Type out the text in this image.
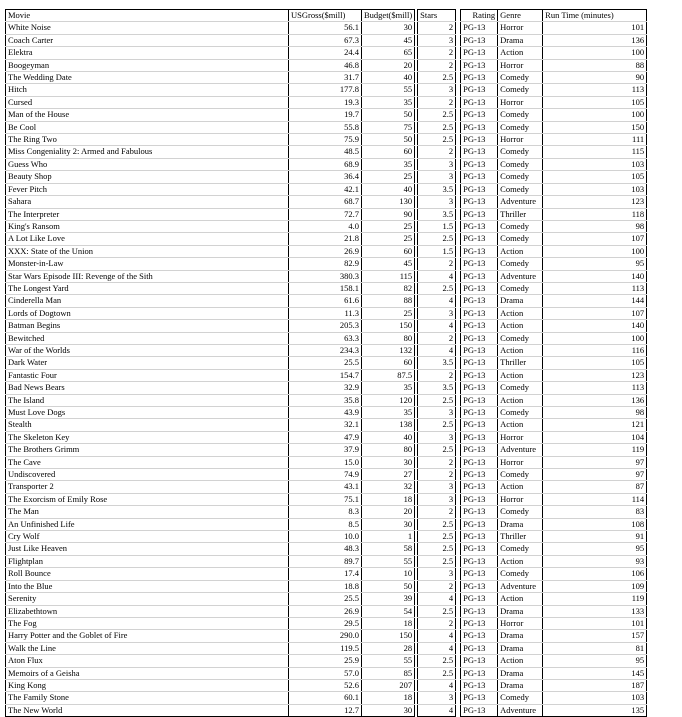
Movie	USGross($mill)	Budget($mill)		Stars		Rating	Genre	Run Time (minutes)
White Noise	56.1	30		2		PG-13	Horror	101
Coach Carter	67.3	45		3		PG-13	Drama	136
Elektra	24.4	65		2		PG-13	Action	100
Boogeyman	46.8	20		2		PG-13	Horror	88
The Wedding Date	31.7	40		2.5		PG-13	Comedy	90
Hitch	177.8	55		3		PG-13	Comedy	113
Cursed	19.3	35		2		PG-13	Horror	105
Man of the House	19.7	50		2.5		PG-13	Comedy	100
Be Cool	55.8	75		2.5		PG-13	Comedy	150
The Ring Two	75.9	50		2.5		PG-13	Horror	111
Miss Congeniality 2: Armed and Fabulous	48.5	60		2		PG-13	Comedy	115
Guess Who	68.9	35		3		PG-13	Comedy	103
Beauty Shop	36.4	25		3		PG-13	Comedy	105
Fever Pitch	42.1	40		3.5		PG-13	Comedy	103
Sahara	68.7	130		3		PG-13	Adventure	123
The Interpreter	72.7	90		3.5		PG-13	Thriller	118
King's Ransom	4.0	25		1.5		PG-13	Comedy	98
A Lot Like Love	21.8	25		2.5		PG-13	Comedy	107
XXX: State of the Union	26.9	60		1.5		PG-13	Action	100
Monster-in-Law	82.9	45		2		PG-13	Comedy	95
Star Wars Episode III: Revenge of the Sith	380.3	115		4		PG-13	Adventure	140
The Longest Yard	158.1	82		2.5		PG-13	Comedy	113
Cinderella Man	61.6	88		4		PG-13	Drama	144
Lords of Dogtown	11.3	25		3		PG-13	Action	107
Batman Begins	205.3	150		4		PG-13	Action	140
Bewitched	63.3	80		2		PG-13	Comedy	100
War of the Worlds	234.3	132		4		PG-13	Action	116
Dark Water	25.5	60		3.5		PG-13	Thriller	105
Fantastic Four	154.7	87.5		2		PG-13	Action	123
Bad News Bears	32.9	35		3.5		PG-13	Comedy	113
The Island	35.8	120		2.5		PG-13	Action	136
Must Love Dogs	43.9	35		3		PG-13	Comedy	98
Stealth	32.1	138		2.5		PG-13	Action	121
The Skeleton Key	47.9	40		3		PG-13	Horror	104
The Brothers Grimm	37.9	80		2.5		PG-13	Adventure	119
The Cave	15.0	30		2		PG-13	Horror	97
Undiscovered	74.9	27		2		PG-13	Comedy	97
Transporter 2	43.1	32		3		PG-13	Action	87
The Exorcism of Emily Rose	75.1	18		3		PG-13	Horror	114
The Man	8.3	20		2		PG-13	Comedy	83
An Unfinished Life	8.5	30		2.5		PG-13	Drama	108
Cry Wolf	10.0	1		2.5		PG-13	Thriller	91
Just Like Heaven	48.3	58		2.5		PG-13	Comedy	95
Flightplan	89.7	55		2.5		PG-13	Action	93
Roll Bounce	17.4	10		3		PG-13	Comedy	106
Into the Blue	18.8	50		2		PG-13	Adventure	109
Serenity	25.5	39		4		PG-13	Action	119
Elizabethtown	26.9	54		2.5		PG-13	Drama	133
The Fog	29.5	18		2		PG-13	Horror	101
Harry Potter and the Goblet of Fire	290.0	150		4		PG-13	Drama	157
Walk the Line	119.5	28		4		PG-13	Drama	81
Aton Flux	25.9	55		2.5		PG-13	Action	95
Memoirs of a Geisha	57.0	85		2.5		PG-13	Drama	145
King Kong	52.6	207		4		PG-13	Drama	187
The Family Stone	60.1	18		3		PG-13	Comedy	103
The New World	12.7	30		4		PG-13	Adventure	135
